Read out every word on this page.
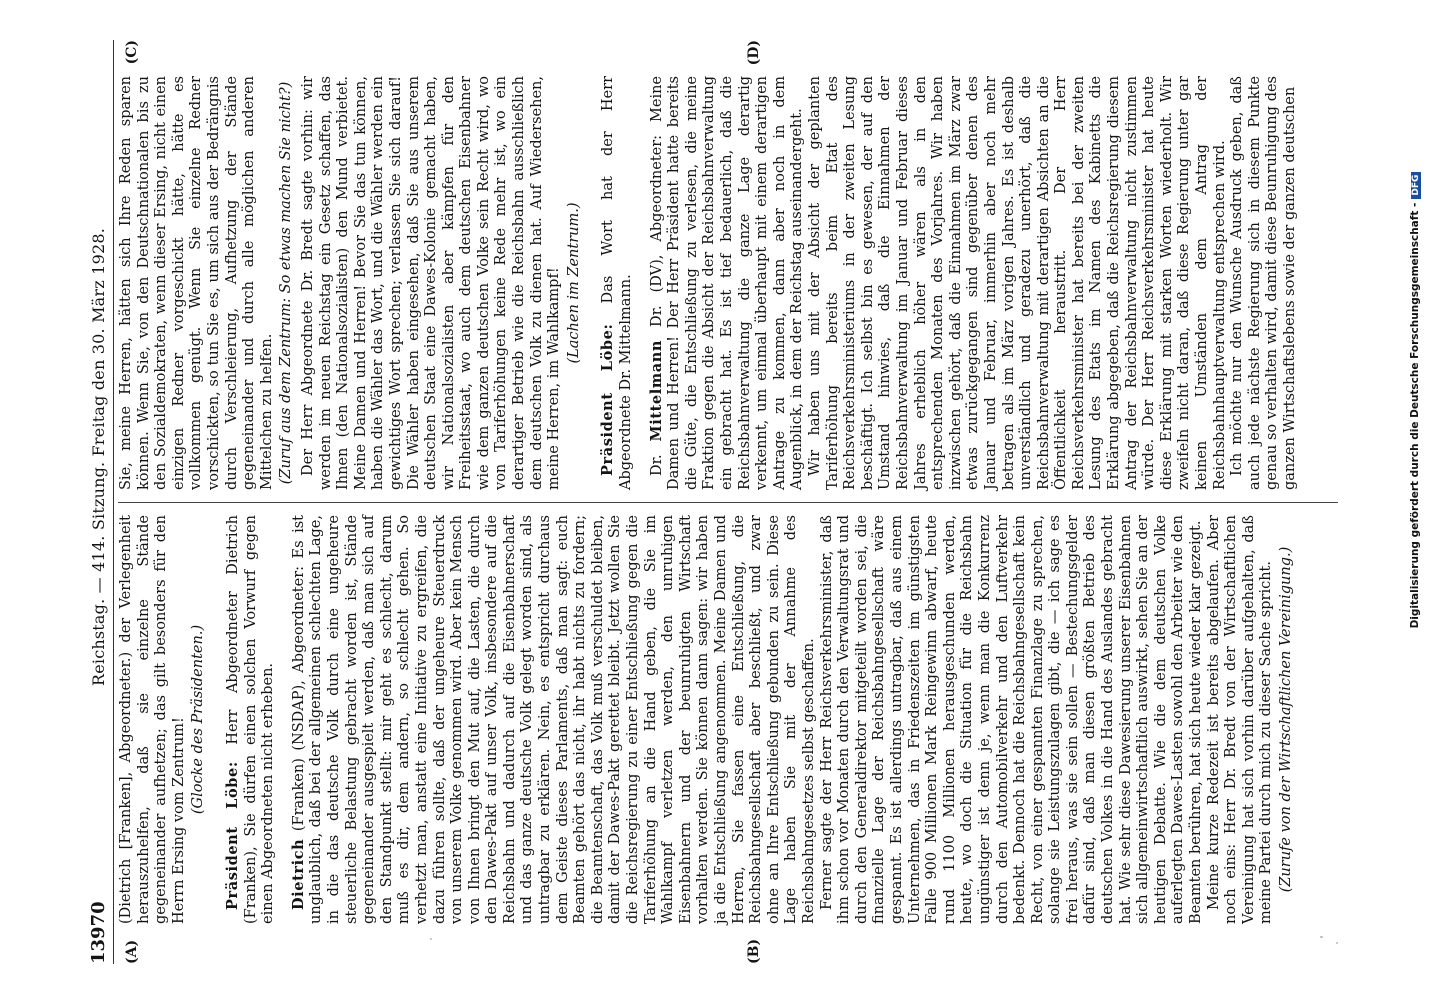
13970
Reichstag. — 414. Sitzung. Freitag den 30. März 1928.
(A)	(B)
(C)	(D)

(Dietrich [Franken], Abgeordneter.) der Verlegenheit herauszuhelfen, daß sie einzelne Stände gegeneinander aufhetzen; das gilt besonders für den Herrn Ersing vom Zentrum! (Glocke des Präsidenten.)

Präsident Löbe: Herr Abgeordneter Dietrich (Franken), Sie dürfen einen solchen Vorwurf gegen einen Abgeordneten nicht erheben. Dietrich (Franken) (NSDAP), Abgeordneter: Es ist unglaublich, daß bei der allgemeinen schlechten Lage, in die das deutsche Volk durch eine ungeheure steuerliche Belastung gebracht worden ist, Stände gegeneinander ausgespielt werden, daß man sich auf den Standpunkt stellt: mir geht es schlecht, darum muß es dir, dem andern, so schlecht gehen. So verhetzt man, anstatt eine Initiative zu ergreifen, die dazu führen sollte, daß der ungeheure Steuerdruck von unserem Volke genommen wird. Aber kein Mensch von Ihnen bringt den Mut auf, die Lasten, die durch den Dawes-Pakt auf unser Volk, insbesondere auf die Reichsbahn und dadurch auf die Eisenbahnerschaft und das ganze deutsche Volk gelegt worden sind, als untragbar zu erklären. Nein, es entspricht durchaus dem Geiste dieses Parlaments, daß man sagt: euch Beamten gehört das nicht, ihr habt nichts zu fordern; die Beamtenschaft, das Volk muß verschuldet bleiben, damit der Dawes-Pakt gerettet bleibt. Jetzt wollen Sie die Reichsregierung zu einer Entschließung gegen die Tariferhöhung an die Hand geben, die Sie im Wahlkampf verletzen werden, den unruhigen Eisenbahnern und der beunruhigten Wirtschaft vorhalten werden. Sie können dann sagen: wir haben ja die Entschließung angenommen. Meine Damen und Herren, Sie fassen eine Entschließung, die Reichsbahngesellschaft aber beschließt, und zwar ohne an Ihre Entschließung gebunden zu sein. Diese Lage haben Sie mit der Annahme des Reichsbahngesetzes selbst geschaffen. Ferner sagte der Herr Reichsverkehrsminister, daß ihm schon vor Monaten durch den Verwaltungsrat und durch den Generaldirektor mitgeteilt worden sei, die finanzielle Lage der Reichsbahngesellschaft wäre gespannt. Es ist allerdings untragbar, daß aus einem Unternehmen, das in Friedenszeiten im günstigsten Falle 900 Millionen Mark Reingewinn abwarf, heute rund 1100 Millionen herausgeschunden werden, heute, wo doch die Situation für die Reichsbahn ungünstiger ist denn je, wenn man die Konkurrenz durch den Automobilverkehr und den Luftverkehr bedenkt. Dennoch hat die Reichsbahngesellschaft kein Recht, von einer gespannten Finanzlage zu sprechen, solange sie Leistungszulagen gibt, die — ich sage es frei heraus, was sie sein sollen — Bestechungsgelder dafür sind, daß man diesen größten Betrieb des deutschen Volkes in die Hand des Auslandes gebracht hat. Wie sehr diese Dawesierung unserer Eisenbahnen sich allgemeinwirtschaftlich auswirkt, sehen Sie an der heutigen Debatte. Wie die dem deutschen Volke auferlegten Dawes-Lasten sowohl den Arbeiter wie den Beamten berühren, hat sich heute wieder klar gezeigt. Meine kurze Redezeit ist bereits abgelaufen. Aber noch eins: Herr Dr. Bredt von der Wirtschaftlichen Vereinigung hat sich vorhin darüber aufgehalten, daß meine Partei durch mich zu dieser Sache spricht. (Zurufe von der Wirtschaftlichen Vereinigung.)

Sie, meine Herren, hätten sich Ihre Reden sparen können. Wenn Sie, von den Deutschnationalen bis zu den Sozialdemokraten, wenn dieser Ersing, nicht einen einzigen Redner vorgeschickt hätte, hätte es vollkommen genügt. Wenn Sie einzelne Redner vorschickten, so tun Sie es, um sich aus der Bedrängnis durch Verschleierung, Aufhetzung der Stände gegeneinander und durch alle möglichen anderen Mittelchen zu helfen. (Zuruf aus dem Zentrum: So etwas machen Sie nicht?) Der Herr Abgeordnete Dr. Bredt sagte vorhin: wir werden im neuen Reichstag ein Gesetz schaffen, das Ihnen (den Nationalsozialisten) den Mund verbietet. Meine Damen und Herren! Bevor Sie das tun können, haben die Wähler das Wort, und die Wähler werden ein gewichtiges Wort sprechen; verlassen Sie sich darauf! Die Wähler haben eingesehen, daß Sie aus unserem deutschen Staat eine Dawes-Kolonie gemacht haben, wir Nationalsozialisten aber kämpfen für den Freiheitsstaat, wo auch dem deutschen Eisenbahner wie dem ganzen deutschen Volke sein Recht wird, wo von Tariferhöhungen keine Rede mehr ist, wo ein derartiger Betrieb wie die Reichsbahn ausschließlich dem deutschen Volk zu dienen hat. Auf Wiedersehen, meine Herren, im Wahlkampf! (Lachen im Zentrum.)

Präsident Löbe: Das Wort hat der Herr Abgeordnete Dr. Mittelmann. Dr. Mittelmann Dr. (DV), Abgeordneter: Meine Damen und Herren! Der Herr Präsident hatte bereits die Güte, die Entschließung zu verlesen, die meine Fraktion gegen die Absicht der Reichsbahnverwaltung ein gebracht hat. Es ist tief bedauerlich, daß die Reichsbahnverwaltung die ganze Lage derartig verkennt, um einmal überhaupt mit einem derartigen Antrage zu kommen, dann aber noch in dem Augenblick, in dem der Reichstag auseinandergeht. Wir haben uns mit der Absicht der geplanten Tariferhöhung bereits beim Etat des Reichsverkehrsministeriums in der zweiten Lesung beschäftigt. Ich selbst bin es gewesen, der auf den Umstand hinwies, daß die Einnahmen der Reichsbahnverwaltung im Januar und Februar dieses Jahres erheblich höher wären als in den entsprechenden Monaten des Vorjahres. Wir haben inzwischen gehört, daß die Einnahmen im März zwar etwas zurückgegangen sind gegenüber denen des Januar und Februar, immerhin aber noch mehr betragen als im März vorigen Jahres. Es ist deshalb unverständlich und geradezu unerhört, daß die Reichsbahnverwaltung mit derartigen Absichten an die Öffentlichkeit heraustritt. Der Herr Reichsverkehrsminister hat bereits bei der zweiten Lesung des Etats im Namen des Kabinetts die Erklärung abgegeben, daß die Reichsregierung diesem Antrag der Reichsbahnverwaltung nicht zustimmen würde. Der Herr Reichsverkehrsminister hat heute diese Erklärung mit starken Worten wiederholt. Wir zweifeln nicht daran, daß diese Regierung unter gar keinen Umständen dem Antrag der Reichsbahnhauptverwaltung entsprechen wird. Ich möchte nur den Wunsche Ausdruck geben, daß auch jede nächste Regierung sich in diesem Punkte genau so verhalten wird, damit diese Beunruhigung des ganzen Wirtschaftslebens sowie der ganzen deutschen	Digitalisierung gefördert durch die Deutsche Forschungsgemeinschaft -DFG
